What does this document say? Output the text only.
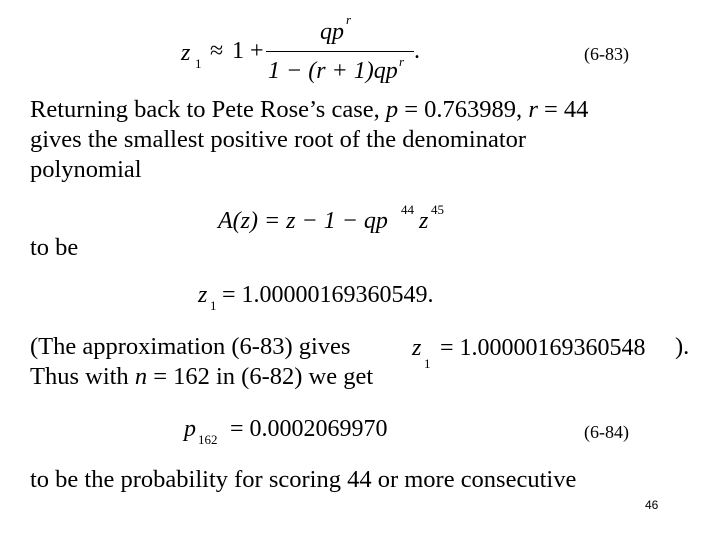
z 1 ≈ 1 +
qp r
1 − (r + 1)qp r .	(6-83)
Returning back to Pete Rose’s case, p = 0.763989, r = 44
gives the smallest positive root of the denominator
polynomial
A(z) = z − 1 − qp 44 z 45
to be
z 1 = 1.00000169360549.
(The approximation (6-83) gives	z
1
= 1.00000169360548 ).
Thus with n = 162 in (6-82) we get
p 162 = 0.0002069970	(6-84)
to be the probability for scoring 44 or more consecutive
46
